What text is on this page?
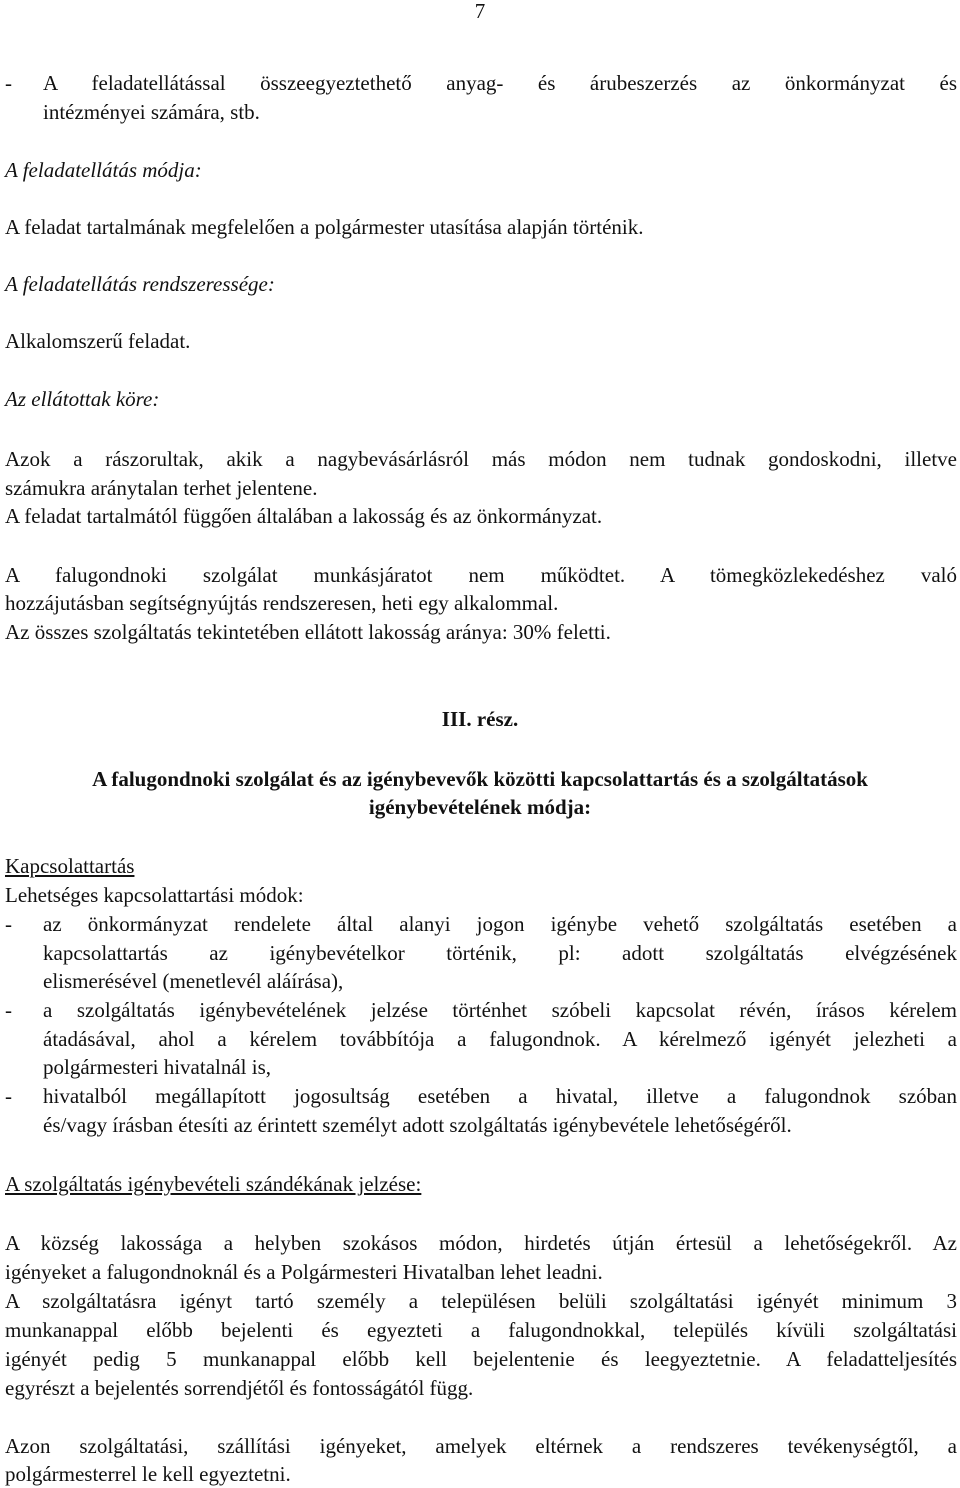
7
- A feladatellátással összeegyeztethető anyag- és árubeszerzés az önkormányzat és
intézményei számára, stb.
A feladatellátás módja:
A feladat tartalmának megfelelően a polgármester utasítása alapján történik.
A feladatellátás rendszeressége:
Alkalomszerű feladat.
Az ellátottak köre:
Azok a rászorultak, akik a nagybevásárlásról más módon nem tudnak gondoskodni, illetve
számukra aránytalan terhet jelentene.
A feladat tartalmától függően általában a lakosság és az önkormányzat.
A falugondnoki szolgálat munkásjáratot nem működtet. A tömegközlekedéshez való
hozzájutásban segítségnyújtás rendszeresen, heti egy alkalommal.
Az összes szolgáltatás tekintetében ellátott lakosság aránya: 30% feletti.
III. rész.
A falugondnoki szolgálat és az igénybevevők közötti kapcsolattartás és a szolgáltatások
igénybevételének módja:
Kapcsolattartás
Lehetséges kapcsolattartási módok:
- az önkormányzat rendelete által alanyi jogon igénybe vehető szolgáltatás esetében a
kapcsolattartás az igénybevételkor történik, pl: adott szolgáltatás elvégzésének
elismerésével (menetlevél aláírása),
- a szolgáltatás igénybevételének jelzése történhet szóbeli kapcsolat révén, írásos kérelem
átadásával, ahol a kérelem továbbítója a falugondnok. A kérelmező igényét jelezheti a
polgármesteri hivatalnál is,
- hivatalból megállapított jogosultság esetében a hivatal, illetve a falugondnok szóban
és/vagy írásban étesíti az érintett személyt adott szolgáltatás igénybevétele lehetőségéről.
A szolgáltatás igénybevételi szándékának jelzése:
A község lakossága a helyben szokásos módon, hirdetés útján értesül a lehetőségekről. Az
igényeket a falugondnoknál és a Polgármesteri Hivatalban lehet leadni.
A szolgáltatásra igényt tartó személy a településen belüli szolgáltatási igényét minimum 3
munkanappal előbb bejelenti és egyezteti a falugondnokkal, település kívüli szolgáltatási
igényét pedig 5 munkanappal előbb kell bejelentenie és leegyeztetnie. A feladatteljesítés
egyrészt a bejelentés sorrendjétől és fontosságától függ.
Azon szolgáltatási, szállítási igényeket, amelyek eltérnek a rendszeres tevékenységtől, a
polgármesterrel le kell egyeztetni.
